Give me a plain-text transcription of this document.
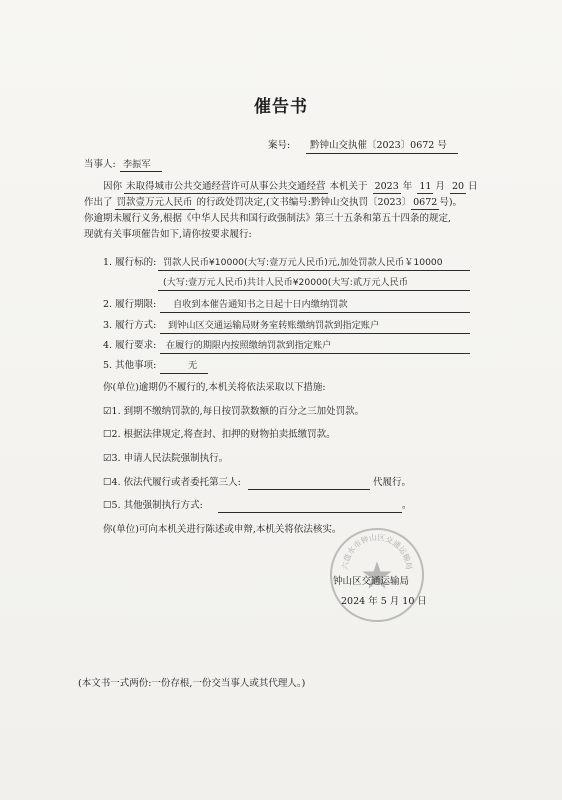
催告书
案号: 黔钟山交执催〔2023〕0672 号
当事人: 李振军
因你 未取得城市公共交通经营许可从事公共交通经营 本机关于 2023 年 11 月 20 日
作出了 罚款壹万元人民币 的行政处罚决定,(文书编号:黔钟山交执罚〔2023〕 0672 号)。
你逾期未履行义务,根据《中华人民共和国行政强制法》第三十五条和第五十四条的规定,
现就有关事项催告如下,请你按要求履行:
1. 履行标的: 罚款人民币¥10000(大写:壹万元人民币)元,加处罚款人民币￥10000
(大写:壹万元人民币)共计人民币¥20000(大写:贰万元人民币
2. 履行期限: 自收到本催告通知书之日起十日内缴纳罚款
3. 履行方式: 到钟山区交通运输局财务室转账缴纳罚款到指定账户
4. 履行要求: 在履行的期限内按照缴纳罚款到指定账户
5. 其他事项:	无
你(单位)逾期仍不履行的,本机关将依法采取以下措施:
☑1. 到期不缴纳罚款的,每日按罚款数额的百分之三加处罚款。
☐2. 根据法律规定,将查封、扣押的财物拍卖抵缴罚款。
☑3. 申请人民法院强制执行。
☐4. 依法代履行或者委托第三人:	代履行。
☐5. 其他强制执行方式:	。
你(单位)可向本机关进行陈述或申辩,本机关将依法核实。
六盘水市钟山区交通运输局
钟山区交通运输局
2024 年 5 月 10 日
(本文书一式两份:一份存根,一份交当事人或其代理人。)
